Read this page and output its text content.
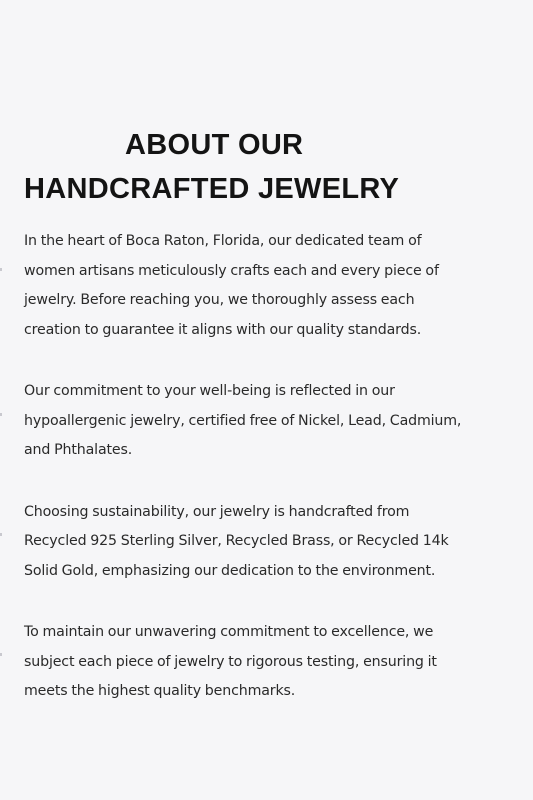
ABOUT OUR
HANDCRAFTED JEWELRY

In the heart of Boca Raton, Florida, our dedicated team of
women artisans meticulously crafts each and every piece of
jewelry. Before reaching you, we thoroughly assess each
creation to guarantee it aligns with our quality standards.

Our commitment to your well-being is reflected in our
hypoallergenic jewelry, certified free of Nickel, Lead, Cadmium,
and Phthalates.

Choosing sustainability, our jewelry is handcrafted from
Recycled 925 Sterling Silver, Recycled Brass, or Recycled 14k
Solid Gold, emphasizing our dedication to the environment.

To maintain our unwavering commitment to excellence, we
subject each piece of jewelry to rigorous testing, ensuring it
meets the highest quality benchmarks.
